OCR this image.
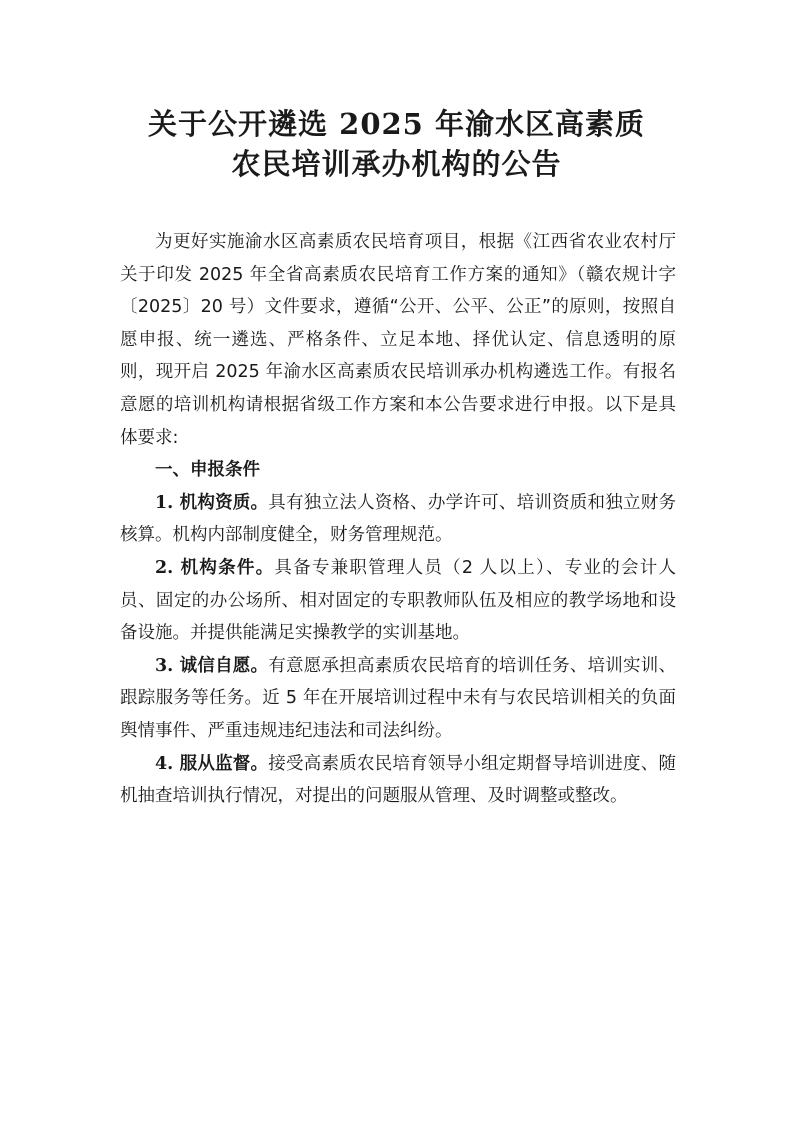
关于公开遴选 2025 年渝水区高素质
农民培训承办机构的公告

为更好实施渝水区高素质农民培育项目，根据《江西省农业农村厅关于印发 2025 年全省高素质农民培育工作方案的通知》（赣农规计字〔2025〕20 号）文件要求，遵循“公开、公平、公正”的原则，按照自愿申报、统一遴选、严格条件、立足本地、择优认定、信息透明的原则，现开启 2025 年渝水区高素质农民培训承办机构遴选工作。有报名意愿的培训机构请根据省级工作方案和本公告要求进行申报。以下是具体要求:

一、申报条件

1. 机构资质。具有独立法人资格、办学许可、培训资质和独立财务核算。机构内部制度健全，财务管理规范。

2. 机构条件。具备专兼职管理人员（2 人以上）、专业的会计人员、固定的办公场所、相对固定的专职教师队伍及相应的教学场地和设备设施。并提供能满足实操教学的实训基地。

3. 诚信自愿。有意愿承担高素质农民培育的培训任务、培训实训、跟踪服务等任务。近 5 年在开展培训过程中未有与农民培训相关的负面舆情事件、严重违规违纪违法和司法纠纷。

4. 服从监督。接受高素质农民培育领导小组定期督导培训进度、随机抽查培训执行情况，对提出的问题服从管理、及时调整或整改。
